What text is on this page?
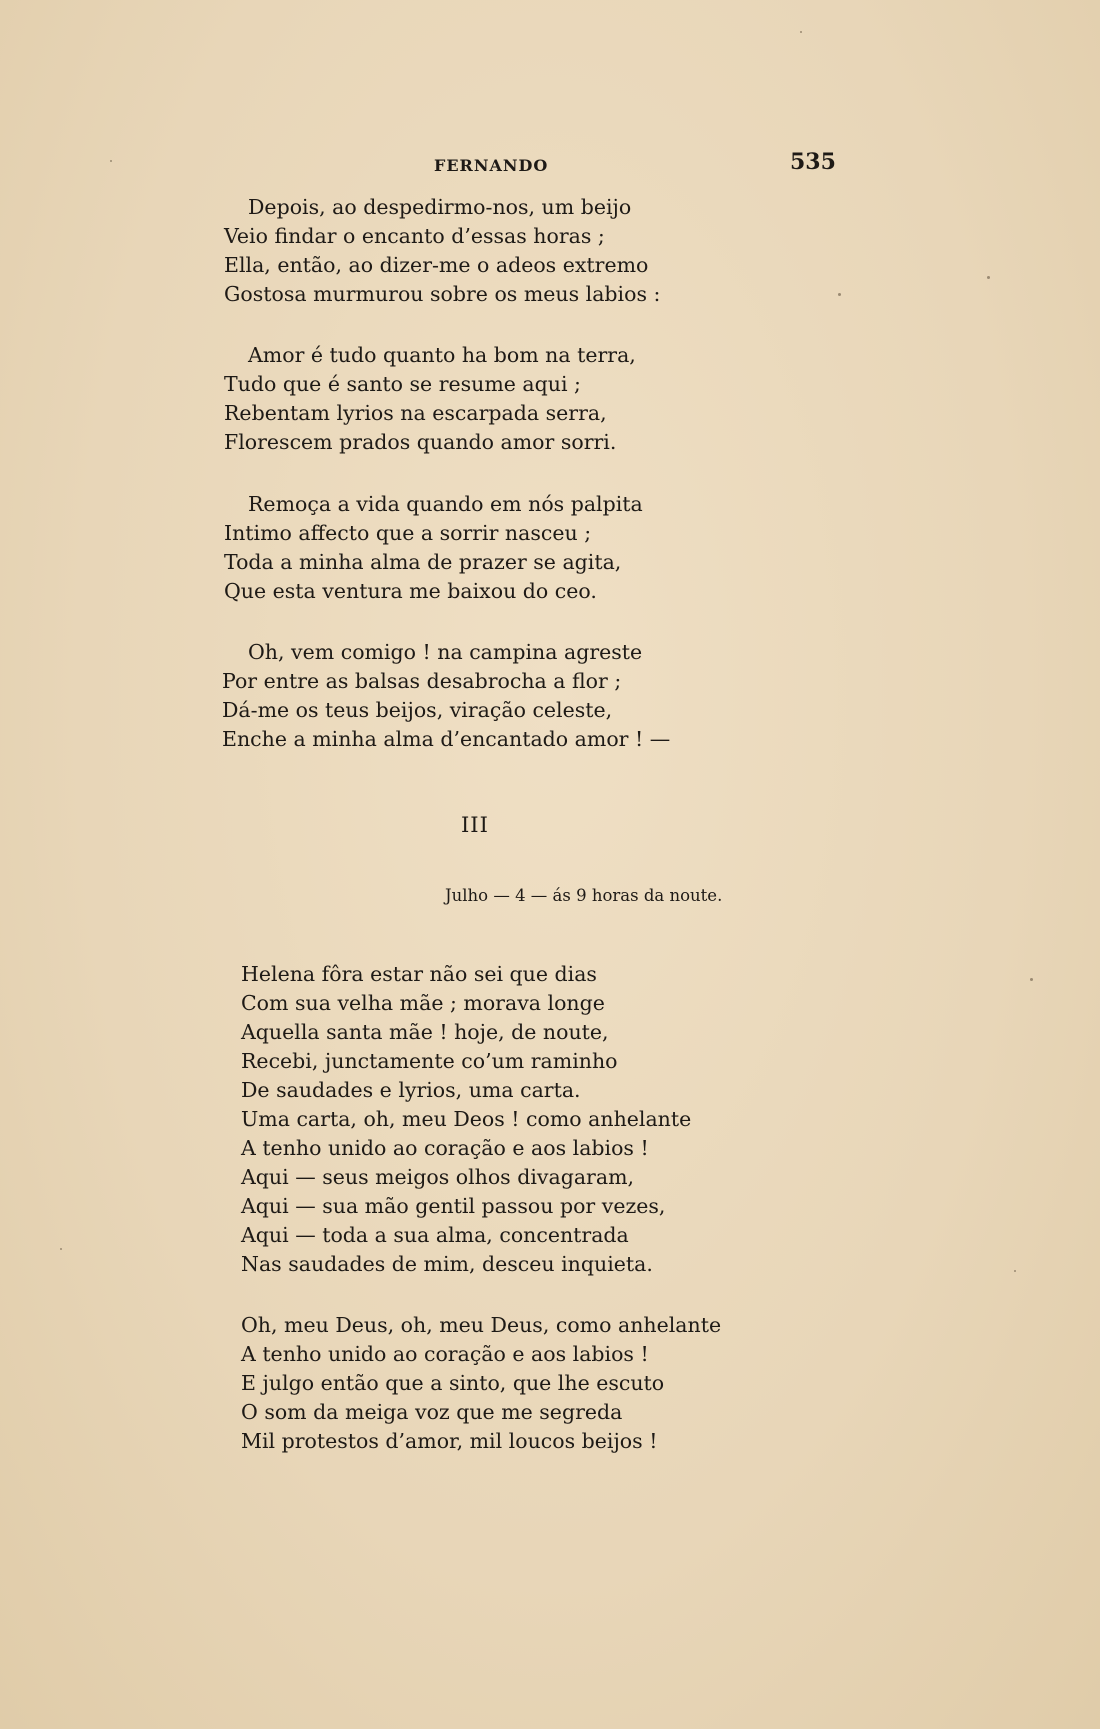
FERNANDO	535
Depois, ao despedirmo-nos, um beijo
Veio findar o encanto d’essas horas ;
Ella, então, ao dizer-me o adeos extremo
Gostosa murmurou sobre os meus labios :
Amor é tudo quanto ha bom na terra,
Tudo que é santo se resume aqui ;
Rebentam lyrios na escarpada serra,
Florescem prados quando amor sorri.
Remoça a vida quando em nós palpita
Intimo affecto que a sorrir nasceu ;
Toda a minha alma de prazer se agita,
Que esta ventura me baixou do ceo.
Oh, vem comigo ! na campina agreste
Por entre as balsas desabrocha a flor ;
Dá-me os teus beijos, viração celeste,
Enche a minha alma d’encantado amor ! —
III
Julho — 4 — ás 9 horas da noute.
Helena fôra estar não sei que dias
Com sua velha mãe ; morava longe
Aquella santa mãe ! hoje, de noute,
Recebi, junctamente co’um raminho
De saudades e lyrios, uma carta.
Uma carta, oh, meu Deos ! como anhelante
A tenho unido ao coração e aos labios !
Aqui — seus meigos olhos divagaram,
Aqui — sua mão gentil passou por vezes,
Aqui — toda a sua alma, concentrada
Nas saudades de mim, desceu inquieta.
Oh, meu Deus, oh, meu Deus, como anhelante
A tenho unido ao coração e aos labios !
E julgo então que a sinto, que lhe escuto
O som da meiga voz que me segreda
Mil protestos d’amor, mil loucos beijos !
